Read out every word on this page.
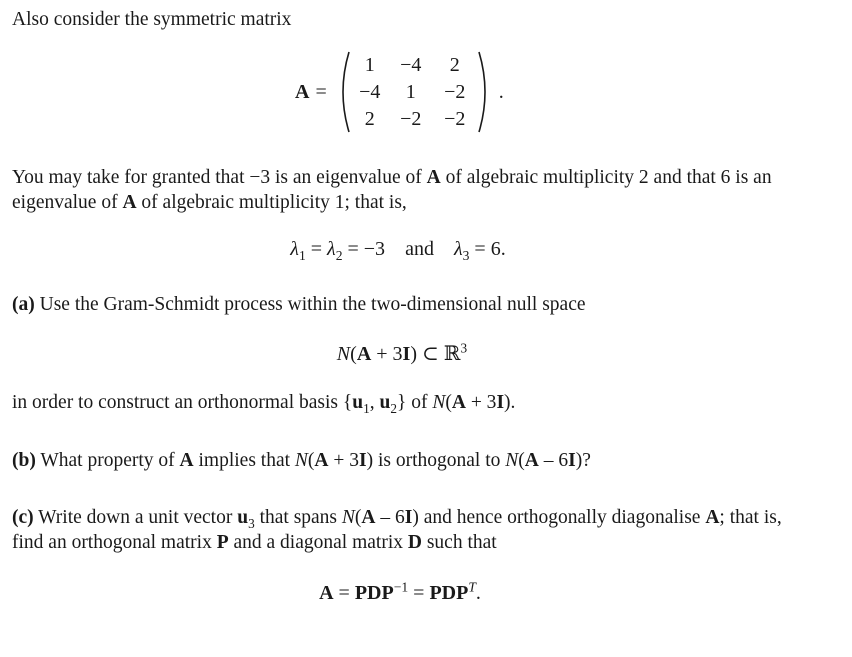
Also consider the symmetric matrix

A =
1	−4	2
−4	1	−2
2	−2	−2
.

You may take for granted that −3 is an eigenvalue of A of algebraic multiplicity 2 and that 6 is an eigenvalue of A of algebraic multiplicity 1; that is,

$\lambda_1 = \lambda_2 = -3$ and $\lambda_3 = 6$.

(a) Use the Gram-Schmidt process within the two-dimensional null space

N(A + 3I) ⊂ ℝ$^3$

in order to construct an orthonormal basis {$u_1$, $u_2$} of N(A + 3I).

(b) What property of A implies that N(A + 3I) is orthogonal to N(A – 6I)?

(c) Write down a unit vector $u_3$ that spans N(A – 6I) and hence orthogonally diagonalise A; that is, find an orthogonal matrix P and a diagonal matrix D such that

$A = PDP^{-1} = PDP^T$.
